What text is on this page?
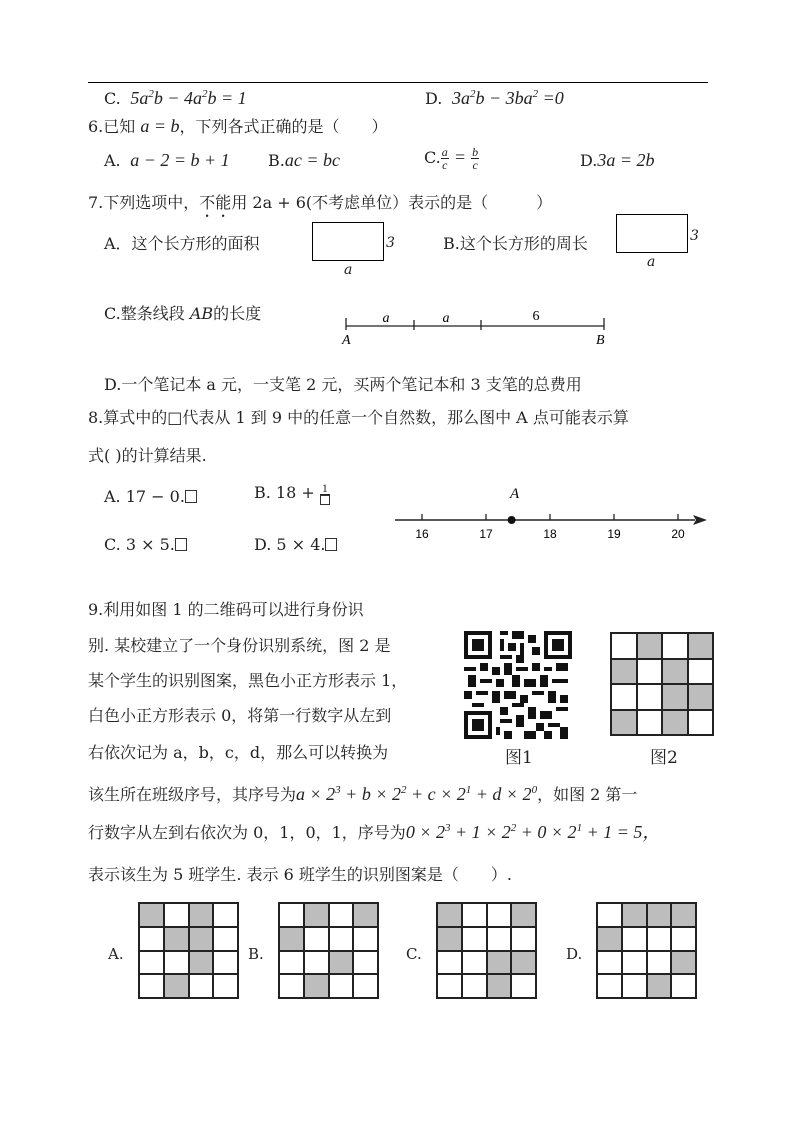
C.  $5a^2b - 4a^2b = 1$	D.  $3a^2b - 3ba^2 =0$
6.已知 a = b，下列各式正确的是（　　）
A.  a − 2 = b + 1 B.ac = bc	C. $\frac{a}{c} = \frac{b}{c}$	D.3a = 2b
7.下列选项中，不能用 2a + 6(不考虑单位）表示的是（　　　）
A．这个长方形的面积	3
a
B.这个长方形的周长	3
a
C.整条线段 AB的长度	a	a	6
A	B
D.一个笔记本 a 元，一支笔 2 元，买两个笔记本和 3 支笔的总费用
8.算式中的□代表从 1 到 9 中的任意一个自然数，那么图中 A 点可能表示算
式( )的计算结果.
A. 17 − 0.	B. 18 + 1
C. 3 × 5.	D. 5 × 4.
16	17	18	19	20
A
9.利用如图 1 的二维码可以进行身份识
别. 某校建立了一个身份识别系统，图 2 是
某个学生的识别图案，黑色小正方形表示 1，
白色小正方形表示 0，将第一行数字从左到
右依次记为 a，b，c，d，那么可以转换为
该生所在班级序号，其序号为$a \times 2^3 + b \times 2^2 + c \times 2^1 + d \times 2^0$，如图 2 第一
行数字从左到右依次为 0，1，0，1，序号为$0 \times 2^3 + 1 \times 2^2 + 0 \times 2^1 + 1 = 5$，
表示该生为 5 班学生. 表示 6 班学生的识别图案是（　　）.
图1	图2
A.	B.	C.	D.
